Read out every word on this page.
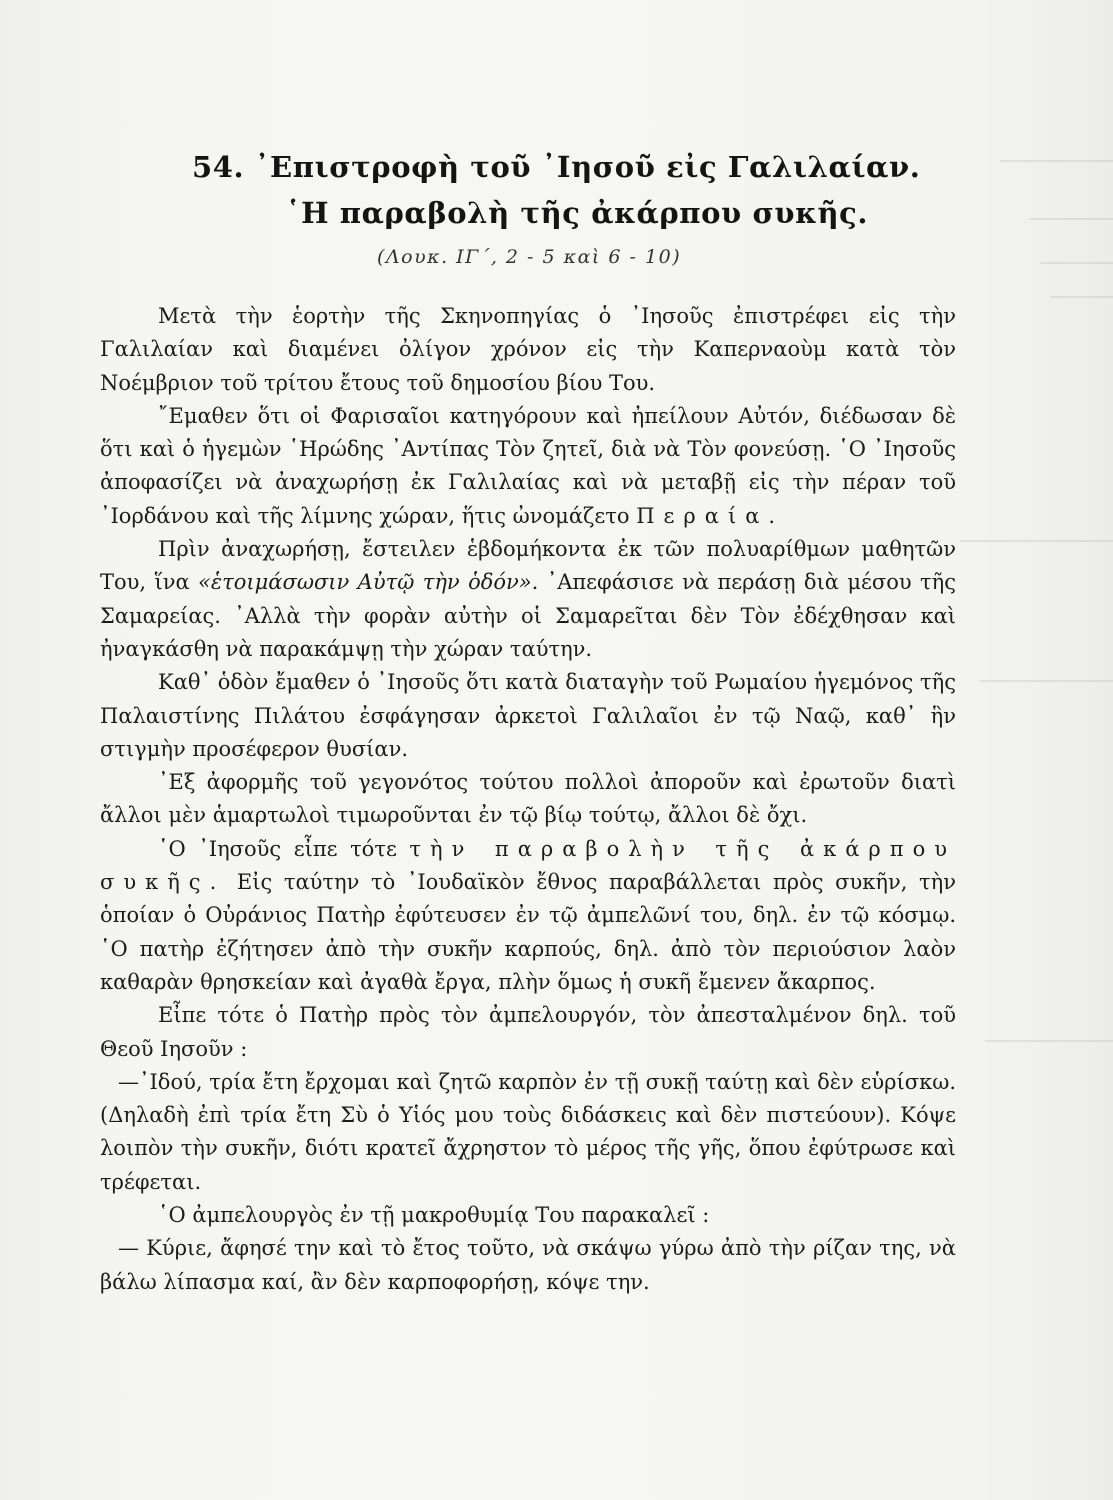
54. ᾿Επιστροφὴ τοῦ ᾿Ιησοῦ εἰς Γαλιλαίαν.
῾Η παραβολὴ τῆς ἀκάρπου συκῆς.
(Λουκ. ΙΓ΄, 2 - 5 καὶ 6 - 10)

Μετὰ τὴν ἑορτὴν τῆς Σκηνοπηγίας ὁ ᾿Ιησοῦς ἐπιστρέφει εἰς τὴν Γαλιλαίαν καὶ διαμένει ὀλίγον χρόνον εἰς τὴν Καπερναοὺμ κατὰ τὸν Νοέμβριον τοῦ τρίτου ἔτους τοῦ δημοσίου βίου Του.

῎Εμαθεν ὅτι οἱ Φαρισαῖοι κατηγόρουν καὶ ἠπείλουν Αὐτόν, διέδωσαν δὲ ὅτι καὶ ὁ ἡγεμὼν ῾Ηρώδης ᾿Αντίπας Τὸν ζητεῖ, διὰ νὰ Τὸν φονεύσῃ. ῾Ο ᾿Ιησοῦς ἀποφασίζει νὰ ἀναχωρήσῃ ἐκ Γαλιλαίας καὶ νὰ μεταβῇ εἰς τὴν πέραν τοῦ ᾿Ιορδάνου καὶ τῆς λίμνης χώραν, ἥτις ὠνομάζετο Περαία.

Πρὶν ἀναχωρήσῃ, ἔστειλεν ἑβδομήκοντα ἐκ τῶν πολυαρίθμων μαθητῶν Του, ἵνα «ἑτοιμάσωσιν Αὐτῷ τὴν ὁδόν». ᾿Απεφάσισε νὰ περάσῃ διὰ μέσου τῆς Σαμαρείας. ᾿Αλλὰ τὴν φορὰν αὐτὴν οἱ Σαμαρεῖται δὲν Τὸν ἐδέχθησαν καὶ ἠναγκάσθη νὰ παρακάμψῃ τὴν χώραν ταύτην.

Καθ᾿ ὁδὸν ἔμαθεν ὁ ᾿Ιησοῦς ὅτι κατὰ διαταγὴν τοῦ Ρωμαίου ἡγεμόνος τῆς Παλαιστίνης Πιλάτου ἐσφάγησαν ἀρκετοὶ Γαλιλαῖοι ἐν τῷ Ναῷ, καθ᾿ ἣν στιγμὴν προσέφερον θυσίαν.

᾿Εξ ἀφορμῆς τοῦ γεγονότος τούτου πολλοὶ ἀποροῦν καὶ ἐρωτοῦν διατὶ ἄλλοι μὲν ἁμαρτωλοὶ τιμωροῦνται ἐν τῷ βίῳ τούτῳ, ἄλλοι δὲ ὄχι.

῾Ο ᾿Ιησοῦς εἶπε τότε τὴν παραβολὴν τῆς ἀκάρπου συκῆς. Εἰς ταύτην τὸ ᾿Ιουδαϊκὸν ἔθνος παραβάλλεται πρὸς συκῆν, τὴν ὁποίαν ὁ Οὐράνιος Πατὴρ ἐφύτευσεν ἐν τῷ ἀμπελῶνί του, δηλ. ἐν τῷ κόσμῳ. ῾Ο πατὴρ ἐζήτησεν ἀπὸ τὴν συκῆν καρπούς, δηλ. ἀπὸ τὸν περιούσιον λαὸν καθαρὰν θρησκείαν καὶ ἀγαθὰ ἔργα, πλὴν ὅμως ἡ συκῆ ἔμενεν ἄκαρπος.

Εἶπε τότε ὁ Πατὴρ πρὸς τὸν ἀμπελουργόν, τὸν ἀπεσταλμένον δηλ. τοῦ Θεοῦ Ιησοῦν :

—᾿Ιδού, τρία ἔτη ἔρχομαι καὶ ζητῶ καρπὸν ἐν τῇ συκῇ ταύτῃ καὶ δὲν εὑρίσκω. (Δηλαδὴ ἐπὶ τρία ἔτη Σὺ ὁ Υἱός μου τοὺς διδάσκεις καὶ δὲν πιστεύουν). Κόψε λοιπὸν τὴν συκῆν, διότι κρατεῖ ἄχρηστον τὸ μέρος τῆς γῆς, ὅπου ἐφύτρωσε καὶ τρέφεται.

῾Ο ἀμπελουργὸς ἐν τῇ μακροθυμίᾳ Του παρακαλεῖ :

— Κύριε, ἄφησέ την καὶ τὸ ἔτος τοῦτο, νὰ σκάψω γύρω ἀπὸ τὴν ρίζαν της, νὰ βάλω λίπασμα καί, ἂν δὲν καρποφορήσῃ, κόψε την.
